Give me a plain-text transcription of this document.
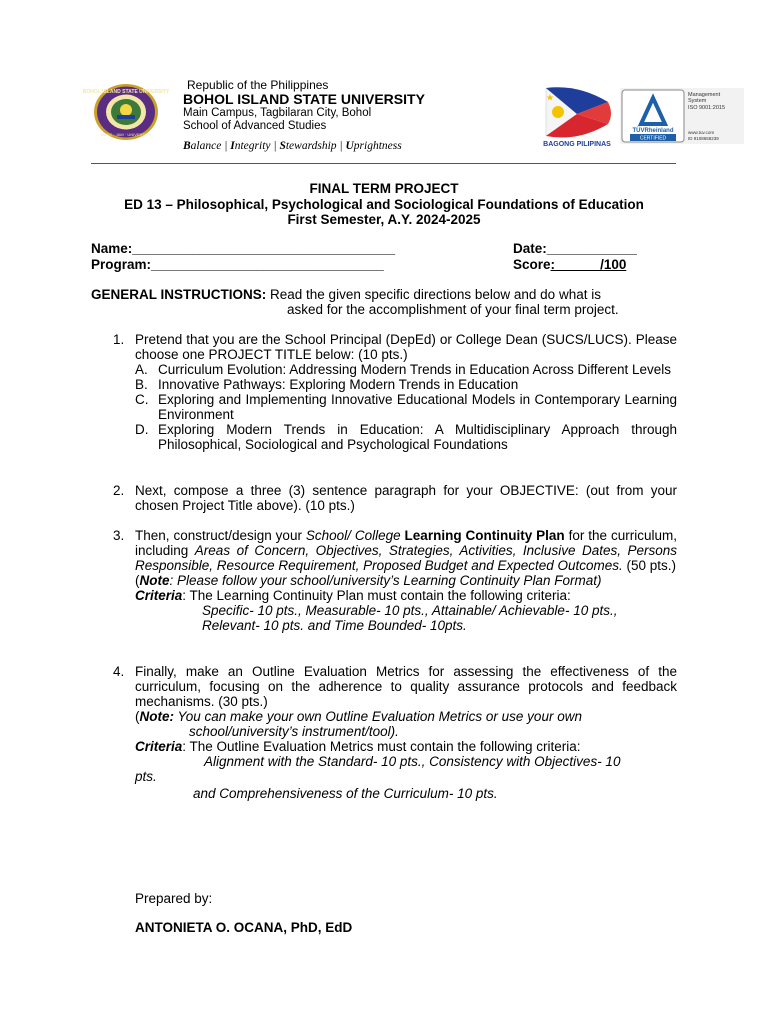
BOHOL ISLAND STATE UNIVERSITY
NUNC · JAM · UNIVERSITY
Republic of the Philippines
BOHOL ISLAND STATE UNIVERSITY
Main Campus, Tagbilaran City, Bohol
School of Advanced Studies
Balance | Integrity | Stewardship | Uprightness	BAGONG PILIPINAS
TÜVRheinland
CERTIFIED
Management
System
ISO 9001:2015
www.tuv.com
ID 9108658239
FINAL TERM PROJECT
ED 13 – Philosophical, Psychological and Sociological Foundations of Education
First Semester, A.Y. 2024-2025
Name:___________________________________	Date:____________
Program:_______________________________	Score:______/100
GENERAL INSTRUCTIONS: Read the given specific directions below and do what is
asked for the accomplishment of your final term project.
1. Pretend that you are the School Principal (DepEd) or College Dean (SUCS/LUCS). Please choose one PROJECT TITLE below: (10 pts.)
A. Curriculum Evolution: Addressing Modern Trends in Education Across Different Levels
B. Innovative Pathways: Exploring Modern Trends in Education
C. Exploring and Implementing Innovative Educational Models in Contemporary Learning Environment
D. Exploring Modern Trends in Education: A Multidisciplinary Approach through Philosophical, Sociological and Psychological Foundations
2. Next, compose a three (3) sentence paragraph for your OBJECTIVE: (out from your chosen Project Title above). (10 pts.)
3. Then, construct/design your School/ College Learning Continuity Plan for the curriculum, including Areas of Concern, Objectives, Strategies, Activities, Inclusive Dates, Persons Responsible, Resource Requirement, Proposed Budget and Expected Outcomes. (50 pts.)
(Note: Please follow your school/university’s Learning Continuity Plan Format)
Criteria: The Learning Continuity Plan must contain the following criteria:
Specific- 10 pts., Measurable- 10 pts., Attainable/ Achievable- 10 pts.,
Relevant- 10 pts. and Time Bounded- 10pts.
4. Finally, make an Outline Evaluation Metrics for assessing the effectiveness of the curriculum, focusing on the adherence to quality assurance protocols and feedback mechanisms. (30 pts.)
(Note: You can make your own Outline Evaluation Metrics or use your own
school/university’s instrument/tool).
Criteria: The Outline Evaluation Metrics must contain the following criteria:
Alignment with the Standard- 10 pts., Consistency with Objectives- 10
pts.
and Comprehensiveness of the Curriculum- 10 pts.
Prepared by:
ANTONIETA O. OCANA, PhD, EdD
